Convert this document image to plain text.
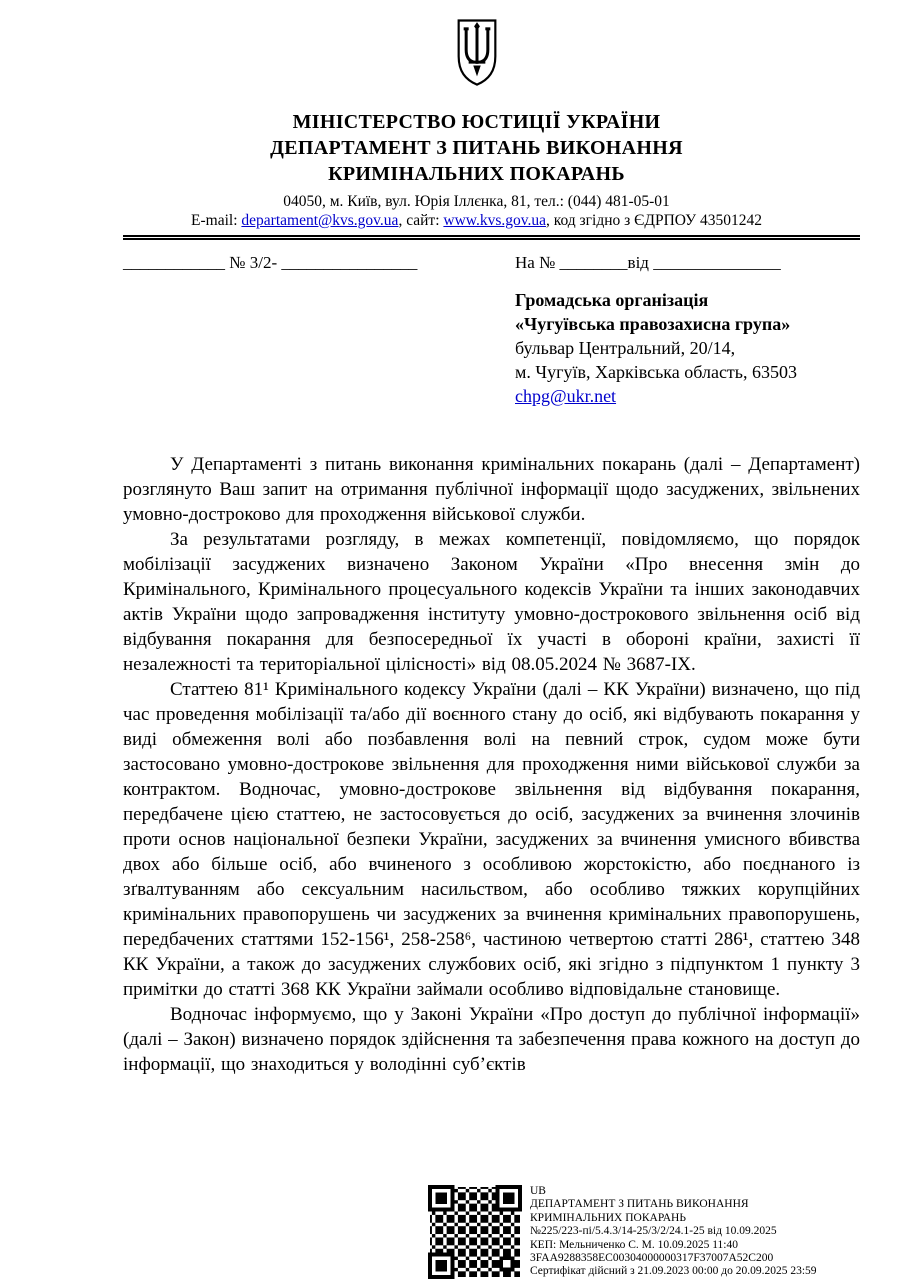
МІНІСТЕРСТВО ЮСТИЦІЇ УКРАЇНИ
ДЕПАРТАМЕНТ З ПИТАНЬ ВИКОНАННЯ
КРИМІНАЛЬНИХ ПОКАРАНЬ
04050, м. Київ, вул. Юрія Іллєнка, 81, тел.: (044) 481-05-01
E-mail: departament@kvs.gov.ua, сайт: www.kvs.gov.ua, код згідно з ЄДРПОУ 43501242
____________ № 3/2- ________________	На № ________від _______________
Громадська організація
«Чугуївська правозахисна група»
бульвар Центральний, 20/14,
м. Чугуїв, Харківська область, 63503
chpg@ukr.net

У Департаменті з питань виконання кримінальних покарань (далі – Департамент) розглянуто Ваш запит на отримання публічної інформації щодо засуджених, звільнених умовно-достроково для проходження військової служби.

За результатами розгляду, в межах компетенції, повідомляємо, що порядок мобілізації засуджених визначено Законом України «Про внесення змін до Кримінального, Кримінального процесуального кодексів України та інших законодавчих актів України щодо запровадження інституту умовно-дострокового звільнення осіб від відбування покарання для безпосередньої їх участі в обороні країни, захисті її незалежності та територіальної цілісності» від 08.05.2024 № 3687-IX.

Статтею 81¹ Кримінального кодексу України (далі – КК України) визначено, що під час проведення мобілізації та/або дії воєнного стану до осіб, які відбувають покарання у виді обмеження волі або позбавлення волі на певний строк, судом може бути застосовано умовно-дострокове звільнення для проходження ними військової служби за контрактом. Водночас, умовно-дострокове звільнення від відбування покарання, передбачене цією статтею, не застосовується до осіб, засуджених за вчинення злочинів проти основ національної безпеки України, засуджених за вчинення умисного вбивства двох або більше осіб, або вчиненого з особливою жорстокістю, або поєднаного із зґвалтуванням або сексуальним насильством, або особливо тяжких корупційних кримінальних правопорушень чи засуджених за вчинення кримінальних правопорушень, передбачених статтями 152-156¹, 258-258⁶, частиною четвертою статті 286¹, статтею 348 КК України, а також до засуджених службових осіб, які згідно з підпунктом 1 пункту 3 примітки до статті 368 КК України займали особливо відповідальне становище.

Водночас інформуємо, що у Законі України «Про доступ до публічної інформації» (далі – Закон) визначено порядок здійснення та забезпечення права кожного на доступ до інформації, що знаходиться у володінні суб’єктів

UB
ДЕПАРТАМЕНТ З ПИТАНЬ ВИКОНАННЯ
КРИМІНАЛЬНИХ ПОКАРАНЬ
№225/223-пі/5.4.3/14-25/3/2/24.1-25 від 10.09.2025
КЕП: Мельниченко С. М. 10.09.2025 11:40
3FAA9288358EC00304000000317F37007A52C200
Сертифікат дійсний з 21.09.2023 00:00 до 20.09.2025 23:59
